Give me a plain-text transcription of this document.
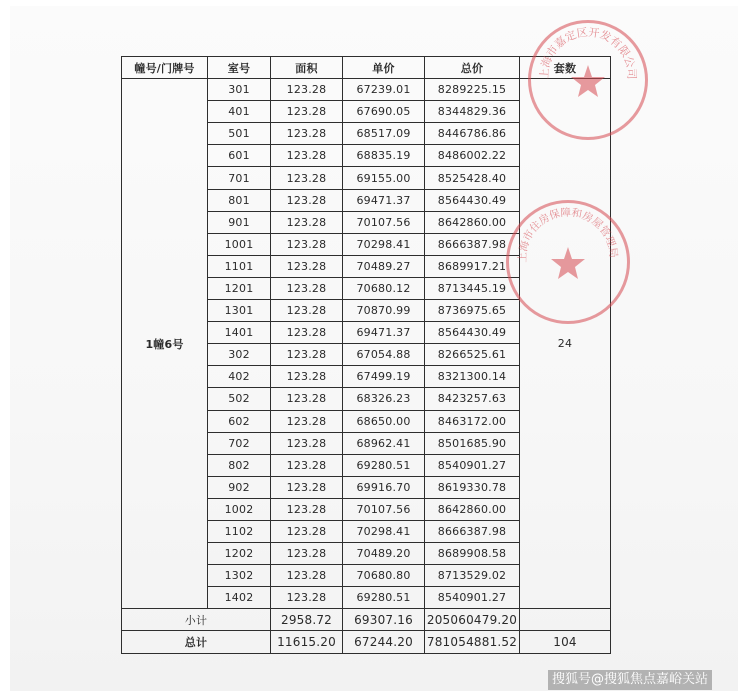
幢号/门牌号	室号	面积	单价	总价	套数
1幢6号	301	123.28	67239.01	8289225.15	24
	401	123.28	67690.05	8344829.36	
	501	123.28	68517.09	8446786.86	
	601	123.28	68835.19	8486002.22	
	701	123.28	69155.00	8525428.40	
	801	123.28	69471.37	8564430.49	
	901	123.28	70107.56	8642860.00	
	1001	123.28	70298.41	8666387.98	
	1101	123.28	70489.27	8689917.21	
	1201	123.28	70680.12	8713445.19	
	1301	123.28	70870.99	8736975.65	
	1401	123.28	69471.37	8564430.49	
	302	123.28	67054.88	8266525.61	
	402	123.28	67499.19	8321300.14	
	502	123.28	68326.23	8423257.63	
	602	123.28	68650.00	8463172.00	
	702	123.28	68962.41	8501685.90	
	802	123.28	69280.51	8540901.27	
	902	123.28	69916.70	8619330.78	
	1002	123.28	70107.56	8642860.00	
	1102	123.28	70298.41	8666387.98	
	1202	123.28	70489.20	8689908.58	
	1302	123.28	70680.80	8713529.02	
	1402	123.28	69280.51	8540901.27	
小计		2958.72	69307.16	205060479.20	
总计		11615.20	67244.20	781054881.52	104
上海市嘉定区开发有限公司
上海市住房保障和房屋管理局
搜狐号@搜狐焦点嘉峪关站
